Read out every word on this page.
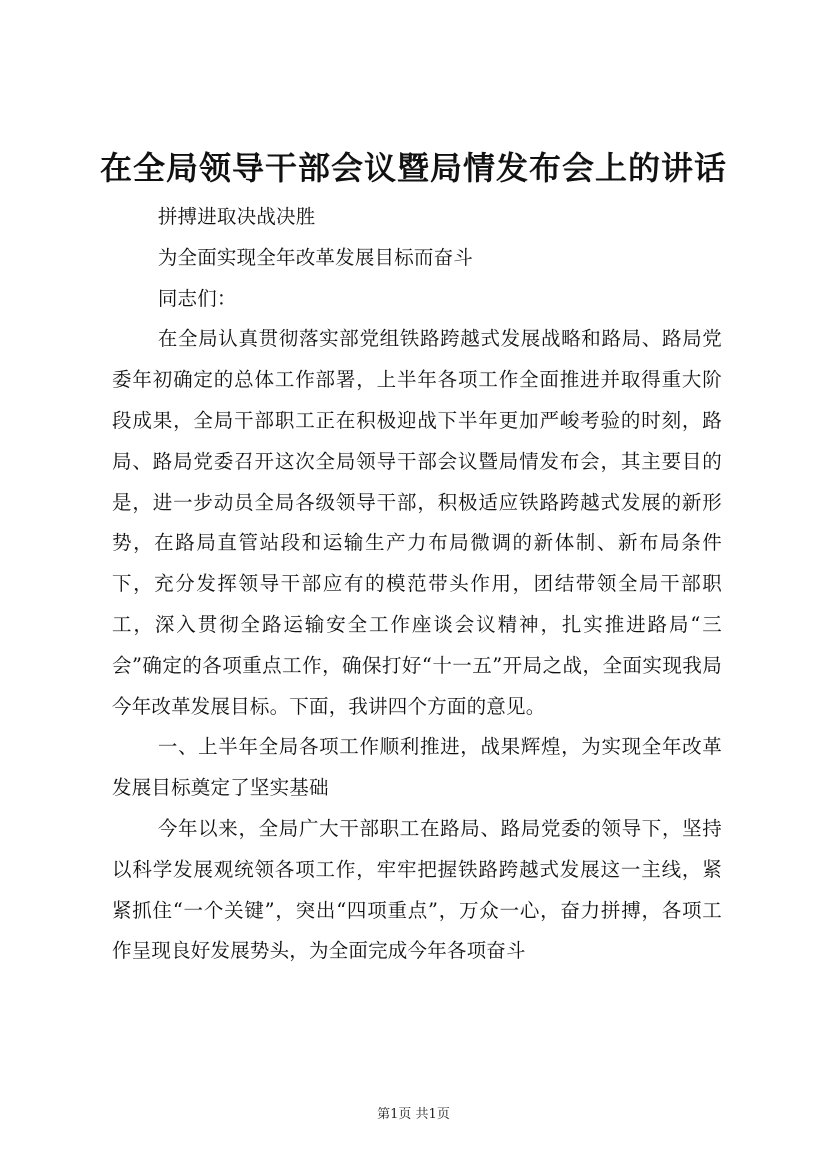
在全局领导干部会议暨局情发布会上的讲话

拼搏进取决战决胜

为全面实现全年改革发展目标而奋斗

同志们：

在全局认真贯彻落实部党组铁路跨越式发展战略和路局、路局党委年初确定的总体工作部署，上半年各项工作全面推进并取得重大阶段成果，全局干部职工正在积极迎战下半年更加严峻考验的时刻，路局、路局党委召开这次全局领导干部会议暨局情发布会，其主要目的是，进一步动员全局各级领导干部，积极适应铁路跨越式发展的新形势，在路局直管站段和运输生产力布局微调的新体制、新布局条件下，充分发挥领导干部应有的模范带头作用，团结带领全局干部职工，深入贯彻全路运输安全工作座谈会议精神，扎实推进路局“三会”确定的各项重点工作，确保打好“十一五”开局之战，全面实现我局今年改革发展目标。下面，我讲四个方面的意见。

一、上半年全局各项工作顺利推进，战果辉煌，为实现全年改革发展目标奠定了坚实基础

今年以来，全局广大干部职工在路局、路局党委的领导下，坚持以科学发展观统领各项工作，牢牢把握铁路跨越式发展这一主线，紧紧抓住“一个关键”，突出“四项重点”，万众一心，奋力拼搏，各项工作呈现良好发展势头，为全面完成今年各项奋斗

第1页 共1页
